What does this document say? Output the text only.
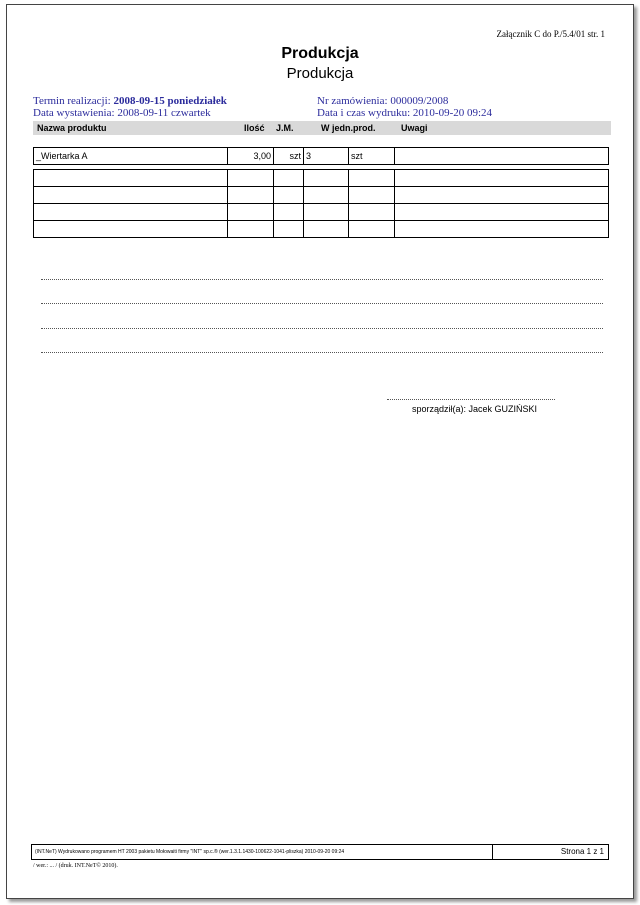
Załącznik C do P./5.4/01 str. 1
Produkcja
Produkcja
Termin realizacji: 2008-09-15 poniedziałek
Data wystawienia: 2008-09-11 czwartek
Nr zamówienia: 000009/2008
Data i czas wydruku: 2010-09-20 09:24
Nazwa produktu	Ilość J.M.	W jedn.prod.	Uwagi
_Wiertarka A	3,00	szt	3	szt	

sporządził(a): Jacek GUZIŃSKI
(INT.NeT) Wydrukowano programem HT 2003 pakietu Mołowaiti firmy "INT" sp.c.® (wer.1.3.1.1430-100622-1041-pliszka) 2010-09-20 09:24	Strona 1 z 1
/ wer.: ... / (druk. INT.NeT© 2010).
